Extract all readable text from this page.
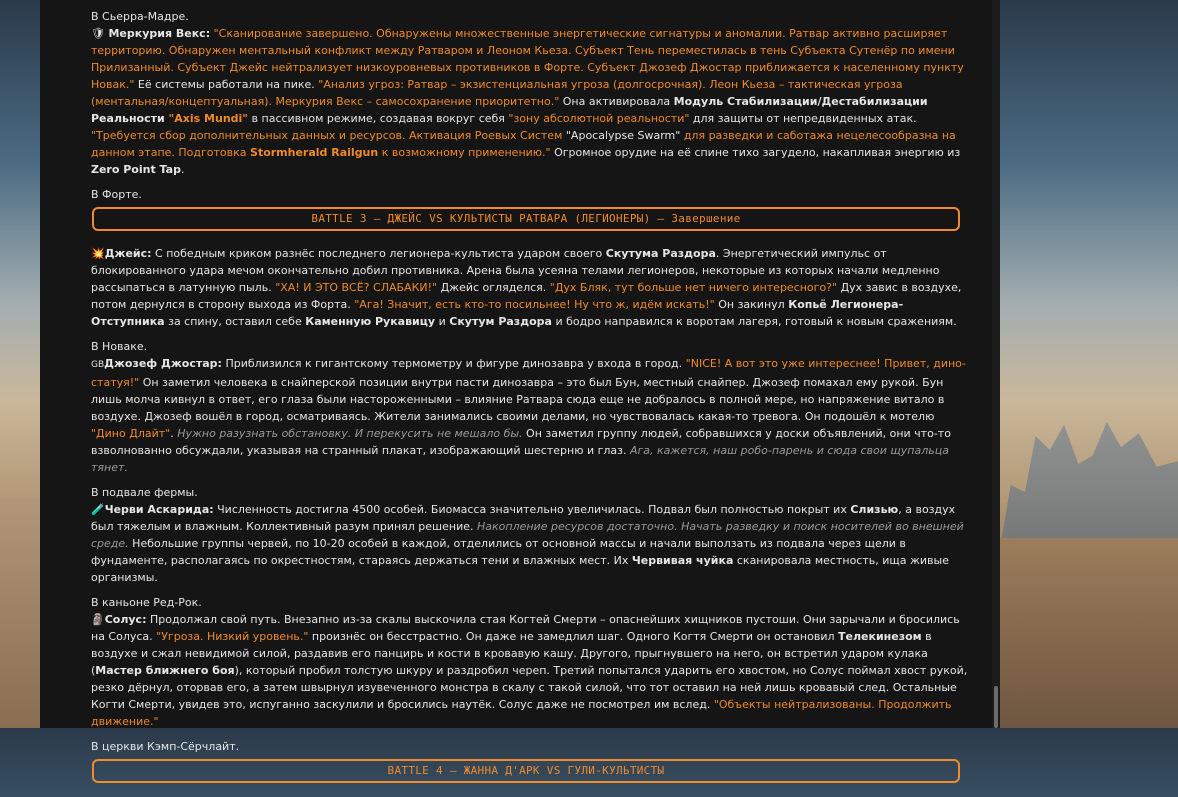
В Сьерра-Мадре.
🛡 Меркурия Векс: "Сканирование завершено. Обнаружены множественные энергетические сигнатуры и аномалии. Ратвар активно расширяет территорию. Обнаружен ментальный конфликт между Ратваром и Леоном Кьеза. Субъект Тень переместилась в тень Субъекта Сутенёр по имени Прилизанный. Субъект Джейс нейтрализует низкоуровневых противников в Форте. Субъект Джозеф Джостар приближается к населенному пункту Новак." Её системы работали на пике. "Анализ угроз: Ратвар – экзистенциальная угроза (долгосрочная). Леон Кьеза – тактическая угроза (ментальная/концептуальная). Меркурия Векс – самосохранение приоритетно." Она активировала Модуль Стабилизации/Дестабилизации Реальности "Axis Mundi" в пассивном режиме, создавая вокруг себя "зону абсолютной реальности" для защиты от непредвиденных атак. "Требуется сбор дополнительных данных и ресурсов. Активация Роевых Систем "Apocalypse Swarm" для разведки и саботажа нецелесообразна на данном этапе. Подготовка Stormherald Railgun к возможному применению." Огромное орудие на её спине тихо загудело, накапливая энергию из Zero Point Tap.

В Форте.

BATTLE 3 – ДЖЕЙС VS КУЛЬТИСТЫ РАТВАРА (ЛЕГИОНЕРЫ) – Завершение

💥Джейс: С победным криком разнёс последнего легионера-культиста ударом своего Скутума Раздора. Энергетический импульс от блокированного удара мечом окончательно добил противника. Арена была усеяна телами легионеров, некоторые из которых начали медленно рассыпаться в латунную пыль. "ХА! И ЭТО ВСЁ? СЛАБАКИ!" Джейс огляделся. "Дух Бляк, тут больше нет ничего интересного?" Дух завис в воздухе, потом дернулся в сторону выхода из Форта. "Ага! Значит, есть кто-то посильнее! Ну что ж, идём искать!" Он закинул Копьё Легионера-Отступника за спину, оставил себе Каменную Рукавицу и Скутум Раздора и бодро направился к воротам лагеря, готовый к новым сражениям.

В Новаке.
GBДжозеф Джостар: Приблизился к гигантскому термометру и фигуре динозавра у входа в город. "NICE! А вот это уже интереснее! Привет, дино-статуя!" Он заметил человека в снайперской позиции внутри пасти динозавра – это был Бун, местный снайпер. Джозеф помахал ему рукой. Бун лишь молча кивнул в ответ, его глаза были настороженными – влияние Ратвара сюда еще не добралось в полной мере, но напряжение витало в воздухе. Джозеф вошёл в город, осматриваясь. Жители занимались своими делами, но чувствовалась какая-то тревога. Он подошёл к мотелю "Дино Длайт". Нужно разузнать обстановку. И перекусить не мешало бы. Он заметил группу людей, собравшихся у доски объявлений, они что-то взволнованно обсуждали, указывая на странный плакат, изображающий шестерню и глаз. Ага, кажется, наш робо-парень и сюда свои щупальца тянет.

В подвале фермы.
🧪Черви Аскарида: Численность достигла 4500 особей. Биомасса значительно увеличилась. Подвал был полностью покрыт их Слизью, а воздух был тяжелым и влажным. Коллективный разум принял решение. Накопление ресурсов достаточно. Начать разведку и поиск носителей во внешней среде. Небольшие группы червей, по 10-20 особей в каждой, отделились от основной массы и начали выползать из подвала через щели в фундаменте, располагаясь по окрестностям, стараясь держаться тени и влажных мест. Их Червивая чуйка сканировала местность, ища живые организмы.

В каньоне Ред-Рок.
🗿Солус: Продолжал свой путь. Внезапно из-за скалы выскочила стая Когтей Смерти – опаснейших хищников пустоши. Они зарычали и бросились на Солуса. "Угроза. Низкий уровень." произнёс он бесстрастно. Он даже не замедлил шаг. Одного Когтя Смерти он остановил Телекинезом в воздухе и сжал невидимой силой, раздавив его панцирь и кости в кровавую кашу. Другого, прыгнувшего на него, он встретил ударом кулака (Мастер ближнего боя), который пробил толстую шкуру и раздробил череп. Третий попытался ударить его хвостом, но Солус поймал хвост рукой, резко дёрнул, оторвав его, а затем швырнул изувеченного монстра в скалу с такой силой, что тот оставил на ней лишь кровавый след. Остальные Когти Смерти, увидев это, испуганно заскулили и бросились наутёк. Солус даже не посмотрел им вслед. "Объекты нейтрализованы. Продолжить движение."

В церкви Кэмп-Сёрчлайт.

BATTLE 4 – ЖАННА Д'АРК VS ГУЛИ-КУЛЬТИСТЫ
